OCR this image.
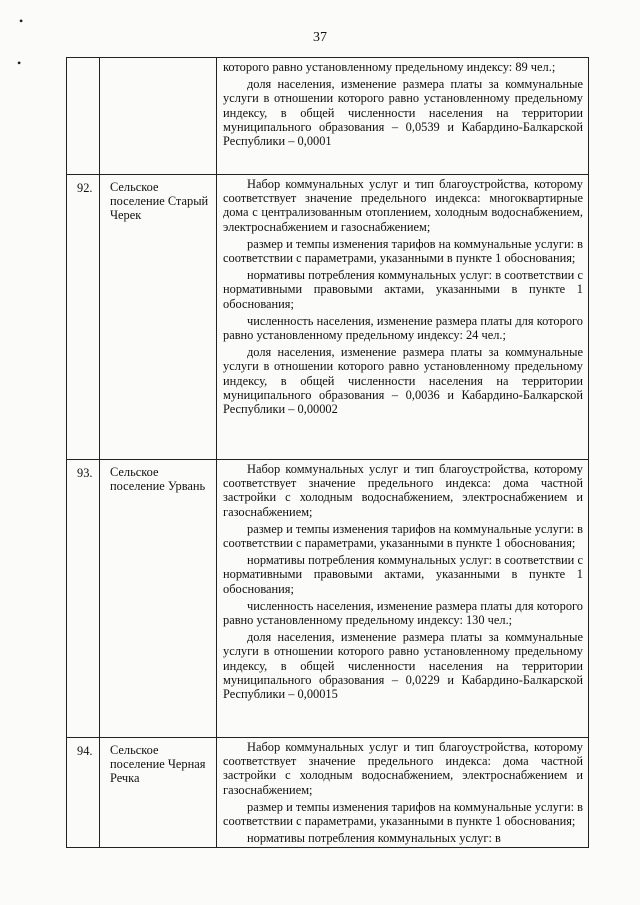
37
•
•

		которого равно установленному предельному индексу: 89 чел.;

доля населения, изменение размера платы за коммунальные услуги в отношении которого равно установленному предельному индексу, в общей численности населения на территории муниципального образования – 0,0539 и Кабардино-Балкарской Республики – 0,0001

92.	Сельское поселение Старый Черек	Набор коммунальных услуг и тип благоустройства, которому соответствует значение предельного индекса: многоквартирные дома с централизованным отоплением, холодным водоснабжением, электроснабжением и газоснабжением;

размер и темпы изменения тарифов на коммунальные услуги: в соответствии с параметрами, указанными в пункте 1 обоснования;

нормативы потребления коммунальных услуг: в соответствии с нормативными правовыми актами, указанными в пункте 1 обоснования;

численность населения, изменение размера платы для которого равно установленному предельному индексу: 24 чел.;

доля населения, изменение размера платы за коммунальные услуги в отношении которого равно установленному предельному индексу, в общей численности населения на территории муниципального образования – 0,0036 и Кабардино-Балкарской Республики – 0,00002

93.	Сельское поселение Урвань	Набор коммунальных услуг и тип благоустройства, которому соответствует значение предельного индекса: дома частной застройки с холодным водоснабжением, электроснабжением и газоснабжением;

размер и темпы изменения тарифов на коммунальные услуги: в соответствии с параметрами, указанными в пункте 1 обоснования;

нормативы потребления коммунальных услуг: в соответствии с нормативными правовыми актами, указанными в пункте 1 обоснования;

численность населения, изменение размера платы для которого равно установленному предельному индексу: 130 чел.;

доля населения, изменение размера платы за коммунальные услуги в отношении которого равно установленному предельному индексу, в общей численности населения на территории муниципального образования – 0,0229 и Кабардино-Балкарской Республики – 0,00015

94.	Сельское поселение Черная Речка	Набор коммунальных услуг и тип благоустройства, которому соответствует значение предельного индекса: дома частной застройки с холодным водоснабжением, электроснабжением и газоснабжением;

размер и темпы изменения тарифов на коммунальные услуги: в соответствии с параметрами, указанными в пункте 1 обоснования;

нормативы потребления коммунальных услуг: в
